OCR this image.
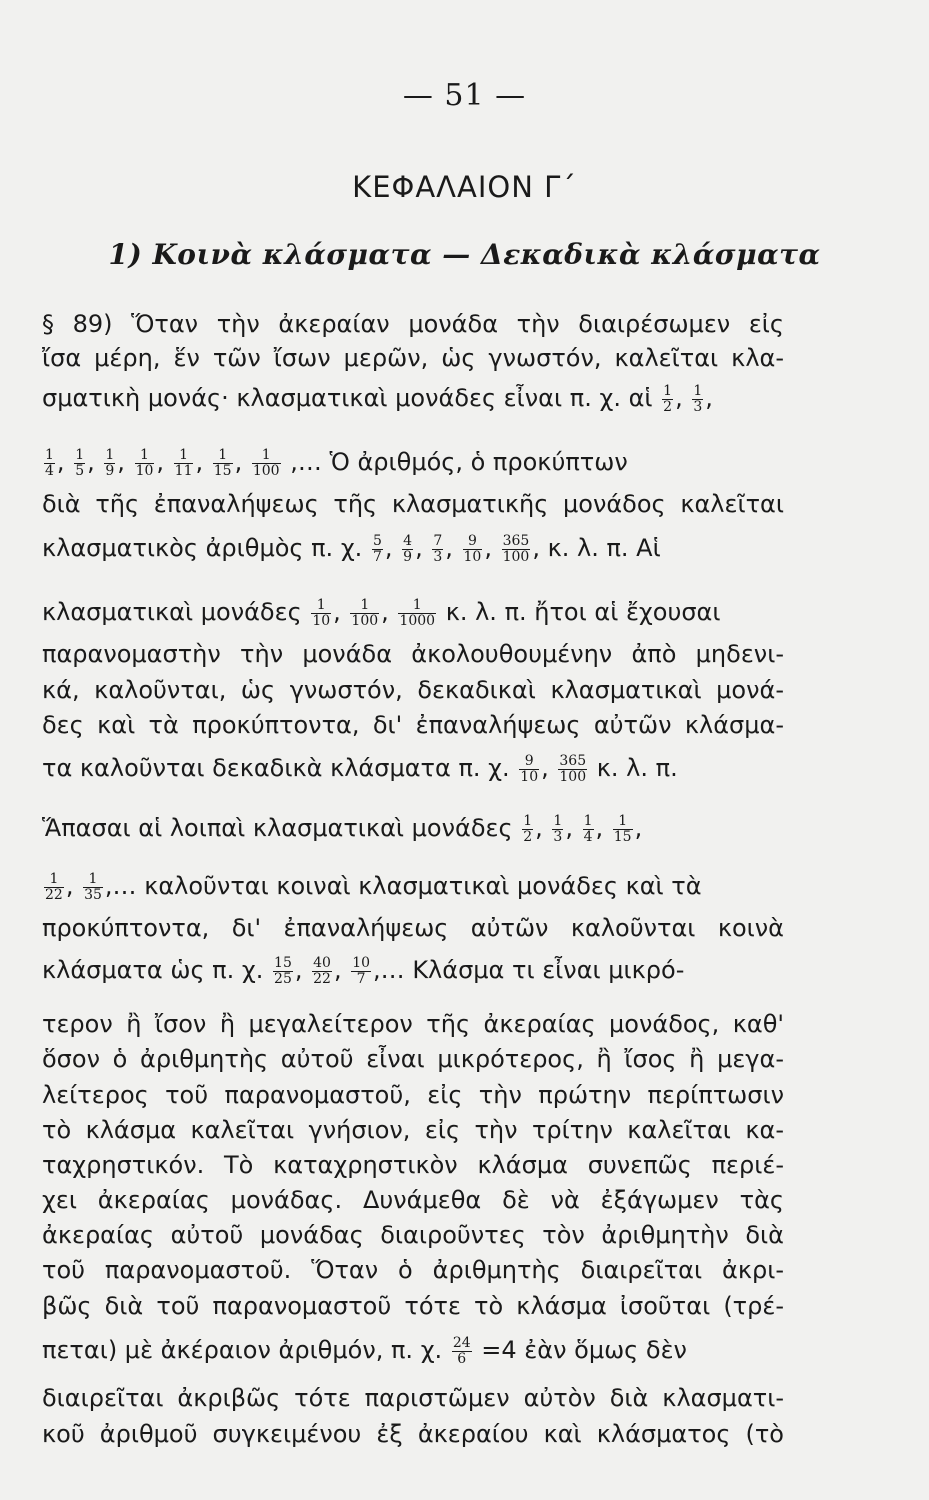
— 51 —
ΚΕΦΑΛΑΙΟΝ Γ΄
1) Κοινὰ κλάσματα — Δεκαδικὰ κλάσματα
§ 89) Ὅταν τὴν ἀκεραίαν μονάδα τὴν διαιρέσωμεν εἰς
ἴσα μέρη, ἕν τῶν ἴσων μερῶν, ὡς γνωστόν, καλεῖται κλα-
σματικὴ μονάς· κλασματικαὶ μονάδες εἶναι π. χ. αἱ $\frac{1}{2}$ , $\frac{1}{3}$ ,
$\frac{1}{4}$ , $\frac{1}{5}$ , $\frac{1}{9}$ , $\frac{1}{10}$ , $\frac{1}{11}$ , $\frac{1}{15}$ , $\frac{1}{100}$ ,… Ὁ ἀριθμός, ὁ προκύπτων
διὰ τῆς ἐπαναλήψεως τῆς κλασματικῆς μονάδος καλεῖται
κλασματικὸς ἀριθμὸς π. χ. $\frac{5}{7}$ , $\frac{4}{9}$ , $\frac{7}{3}$ , $\frac{9}{10}$ , $\frac{365}{100}$ , κ. λ. π. Αἱ
κλασματικαὶ μονάδες $\frac{1}{10}$ , $\frac{1}{100}$ , $\frac{1}{1000} \kappa$. λ. π. ἤτοι αἱ ἔχουσαι
παρανομαστὴν τὴν μονάδα ἀκολουθουμένην ἀπὸ μηδενι-
κά, καλοῦνται, ὡς γνωστόν, δεκαδικαὶ κλασματικαὶ μονά-
δες καὶ τὰ προκύπτοντα, δι' ἐπαναλήψεως αὐτῶν κλάσμα-
τα καλοῦνται δεκαδικὰ κλάσματα π. χ. $\frac{9}{10}$ , $\frac{365}{100} \kappa$. λ. π.
Ἅπασαι αἱ λοιπαὶ κλασματικαὶ μονάδες $\frac{1}{2}$ , $\frac{1}{3}$ , $\frac{1}{4}$ , $\frac{1}{15}$ ,
$\frac{1}{22}$ , $\frac{1}{35}$ ,… καλοῦνται κοιναὶ κλασματικαὶ μονάδες καὶ τὰ
προκύπτοντα, δι' ἐπαναλήψεως αὐτῶν καλοῦνται κοινὰ
κλάσματα ὡς π. χ. $\frac{15}{25}$ , $\frac{40}{22}$ , $\frac{10}{7}$ ,… Κλάσμα τι εἶναι μικρό-
τερον ἢ ἴσον ἢ μεγαλείτερον τῆς ἀκεραίας μονάδος, καθ'
ὅσον ὁ ἀριθμητὴς αὐτοῦ εἶναι μικρότερος, ἢ ἴσος ἢ μεγα-
λείτερος τοῦ παρανομαστοῦ, εἰς τὴν πρώτην περίπτωσιν
τὸ κλάσμα καλεῖται γνήσιον, εἰς τὴν τρίτην καλεῖται κα-
ταχρηστικόν. Τὸ καταχρηστικὸν κλάσμα συνεπῶς περιέ-
χει ἀκεραίας μονάδας. Δυνάμεθα δὲ νὰ ἐξάγωμεν τὰς
ἀκεραίας αὐτοῦ μονάδας διαιροῦντες τὸν ἀριθμητὴν διὰ
τοῦ παρανομαστοῦ. Ὅταν ὁ ἀριθμητὴς διαιρεῖται ἀκρι-
βῶς διὰ τοῦ παρανομαστοῦ τότε τὸ κλάσμα ἰσοῦται (τρέ-
πεται) μὲ ἀκέραιον ἀριθμόν, π. χ. $\frac{24}{6} =4$ ἐὰν ὅμως δὲν
διαιρεῖται ἀκριβῶς τότε παριστῶμεν αὐτὸν διὰ κλασματι-
κοῦ ἀριθμοῦ συγκειμένου ἐξ ἀκεραίου καὶ κλάσματος (τὸ
